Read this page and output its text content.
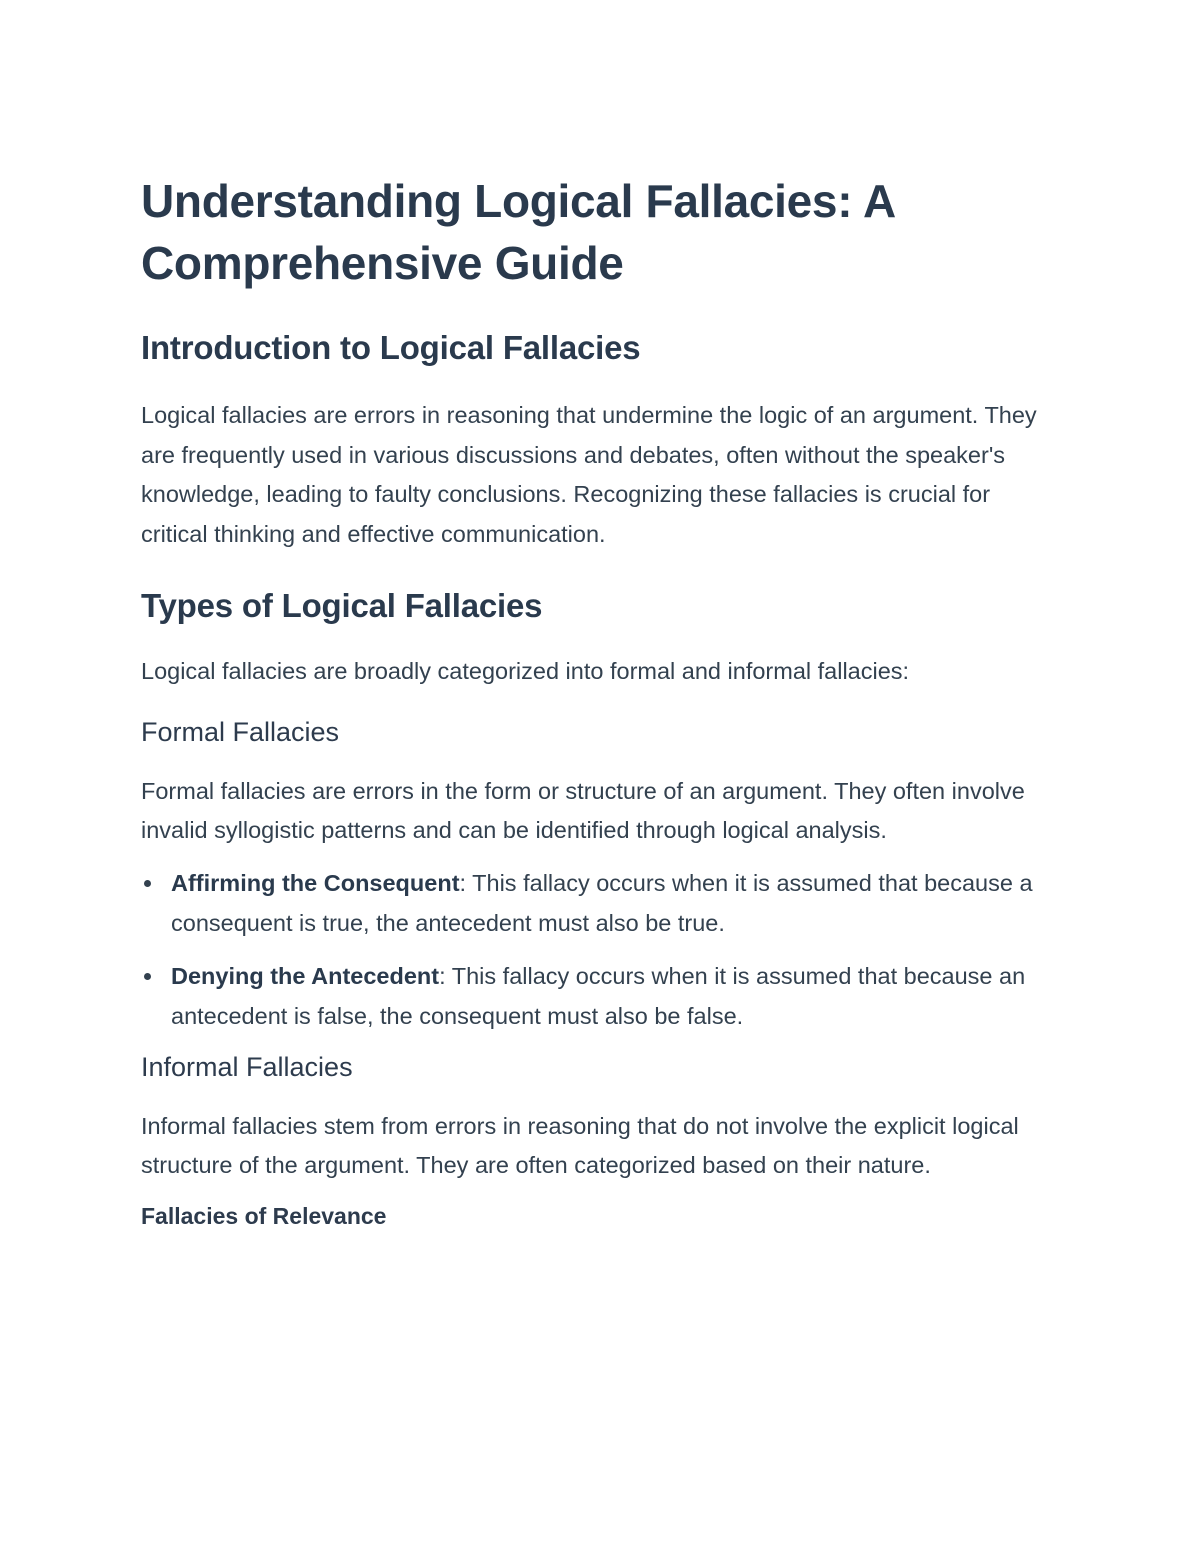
Understanding Logical Fallacies: A Comprehensive Guide
Introduction to Logical Fallacies

Logical fallacies are errors in reasoning that undermine the logic of an argument. They are frequently used in various discussions and debates, often without the speaker's knowledge, leading to faulty conclusions. Recognizing these fallacies is crucial for critical thinking and effective communication.

Types of Logical Fallacies

Logical fallacies are broadly categorized into formal and informal fallacies:

Formal Fallacies

Formal fallacies are errors in the form or structure of an argument. They often involve invalid syllogistic patterns and can be identified through logical analysis.

Affirming the Consequent: This fallacy occurs when it is assumed that because a consequent is true, the antecedent must also be true.
Denying the Antecedent: This fallacy occurs when it is assumed that because an antecedent is false, the consequent must also be false.
Informal Fallacies

Informal fallacies stem from errors in reasoning that do not involve the explicit logical structure of the argument. They are often categorized based on their nature.

Fallacies of Relevance
